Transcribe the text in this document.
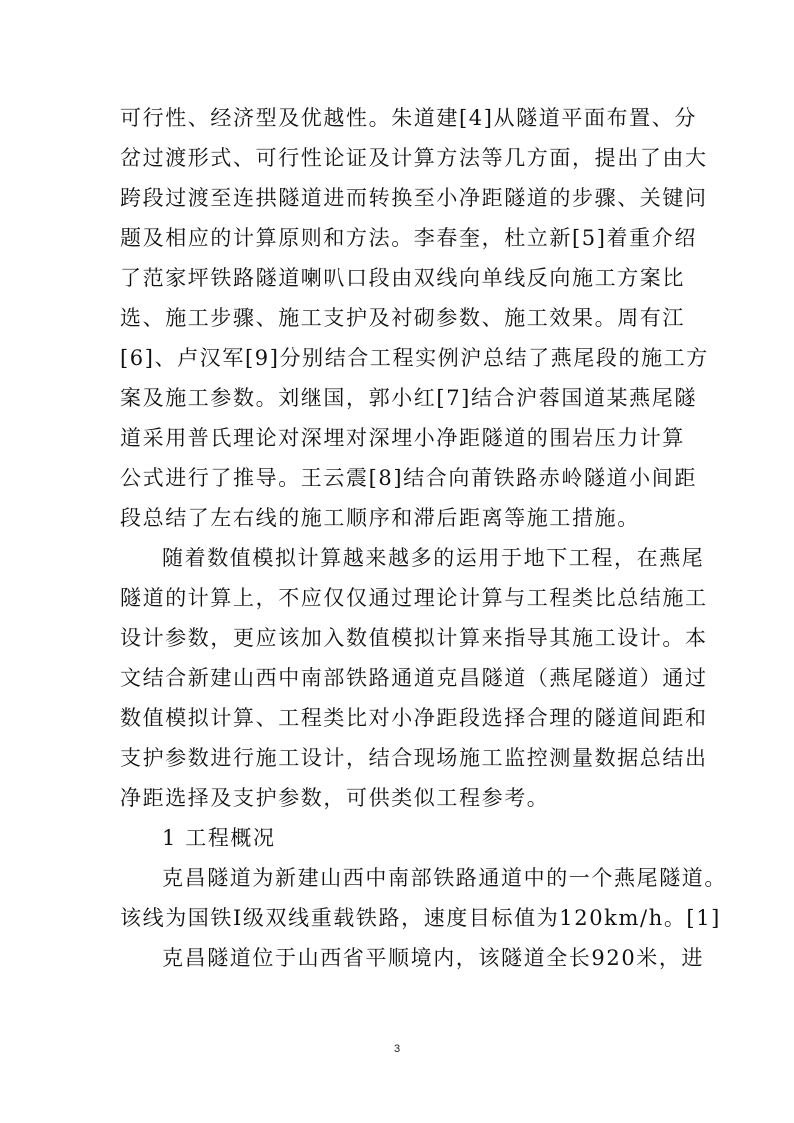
可行性、经济型及优越性。朱道建[4]从隧道平面布置、分
岔过渡形式、可行性论证及计算方法等几方面，提出了由大
跨段过渡至连拱隧道进而转换至小净距隧道的步骤、关键问
题及相应的计算原则和方法。李春奎，杜立新[5]着重介绍
了范家坪铁路隧道喇叭口段由双线向单线反向施工方案比
选、施工步骤、施工支护及衬砌参数、施工效果。周有江
[6]、卢汉军[9]分别结合工程实例沪总结了燕尾段的施工方
案及施工参数。刘继国，郭小红[7]结合沪蓉国道某燕尾隧
道采用普氏理论对深埋对深埋小净距隧道的围岩压力计算
公式进行了推导。王云震[8]结合向莆铁路赤岭隧道小间距
段总结了左右线的施工顺序和滞后距离等施工措施。
随着数值模拟计算越来越多的运用于地下工程，在燕尾
隧道的计算上，不应仅仅通过理论计算与工程类比总结施工
设计参数，更应该加入数值模拟计算来指导其施工设计。本
文结合新建山西中南部铁路通道克昌隧道（燕尾隧道）通过
数值模拟计算、工程类比对小净距段选择合理的隧道间距和
支护参数进行施工设计，结合现场施工监控测量数据总结出
净距选择及支护参数，可供类似工程参考。
1 工程概况
克昌隧道为新建山西中南部铁路通道中的一个燕尾隧道。
该线为国铁Ⅰ级双线重载铁路，速度目标值为120km/h。[1]
克昌隧道位于山西省平顺境内，该隧道全长920米，进
3
